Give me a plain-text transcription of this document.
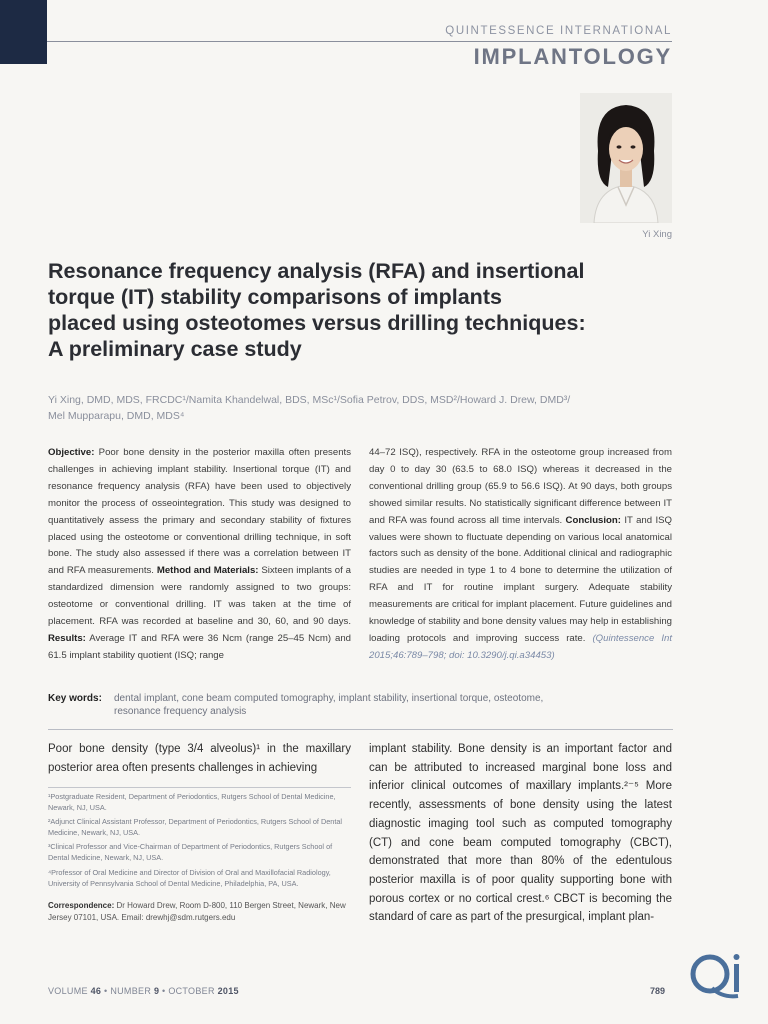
QUINTESSENCE INTERNATIONAL
IMPLANTOLOGY
Yi Xing
Resonance frequency analysis (RFA) and insertional
torque (IT) stability comparisons of implants
placed using osteotomes versus drilling techniques:
A preliminary case study
Yi Xing, DMD, MDS, FRCDC¹/Namita Khandelwal, BDS, MSc¹/Sofia Petrov, DDS, MSD²/Howard J. Drew, DMD³/
Mel Mupparapu, DMD, MDS⁴
Objective: Poor bone density in the posterior maxilla often presents challenges in achieving implant stability. Insertional torque (IT) and resonance frequency analysis (RFA) have been used to objectively monitor the process of osseointegration. This study was designed to quantitatively assess the primary and secondary stability of fixtures placed using the osteotome or conventional drilling technique, in soft bone. The study also assessed if there was a correlation between IT and RFA measurements. Method and Materials: Sixteen implants of a standardized dimension were randomly assigned to two groups: osteotome or conventional drilling. IT was taken at the time of placement. RFA was recorded at baseline and 30, 60, and 90 days. Results: Average IT and RFA were 36 Ncm (range 25–45 Ncm) and 61.5 implant stability quotient (ISQ; range
44–72 ISQ), respectively. RFA in the osteotome group increased from day 0 to day 30 (63.5 to 68.0 ISQ) whereas it decreased in the conventional drilling group (65.9 to 56.6 ISQ). At 90 days, both groups showed similar results. No statistically significant difference between IT and RFA was found across all time intervals. Conclusion: IT and ISQ values were shown to fluctuate depending on various local anatomical factors such as density of the bone. Additional clinical and radiographic studies are needed in type 1 to 4 bone to determine the utilization of RFA and IT for routine implant surgery. Adequate stability measurements are critical for implant placement. Future guidelines and knowledge of stability and bone density values may help in establishing loading protocols and improving success rate. (Quintessence Int 2015;46:789–798; doi: 10.3290/j.qi.a34453)
Key words: dental implant, cone beam computed tomography, implant stability, insertional torque, osteotome,
resonance frequency analysis
Poor bone density (type 3/4 alveolus)¹ in the maxillary posterior area often presents challenges in achieving
implant stability. Bone density is an important factor and can be attributed to increased marginal bone loss and inferior clinical outcomes of maxillary implants.²⁻⁵ More recently, assessments of bone density using the latest diagnostic imaging tool such as computed tomography (CT) and cone beam computed tomography (CBCT), demonstrated that more than 80% of the edentulous posterior maxilla is of poor quality supporting bone with porous cortex or no cortical crest.⁶ CBCT is becoming the standard of care as part of the presurgical, implant plan-
¹Postgraduate Resident, Department of Periodontics, Rutgers School of Dental Medicine, Newark, NJ, USA.
²Adjunct Clinical Assistant Professor, Department of Periodontics, Rutgers School of Dental Medicine, Newark, NJ, USA.
³Clinical Professor and Vice-Chairman of Department of Periodontics, Rutgers School of Dental Medicine, Newark, NJ, USA.
⁴Professor of Oral Medicine and Director of Division of Oral and Maxillofacial Radiology, University of Pennsylvania School of Dental Medicine, Philadelphia, PA, USA.
Correspondence: Dr Howard Drew, Room D-800, 110 Bergen Street, Newark, New Jersey 07101, USA. Email: drewhj@sdm.rutgers.edu
VOLUME 46 • NUMBER 9 • OCTOBER 2015	789
